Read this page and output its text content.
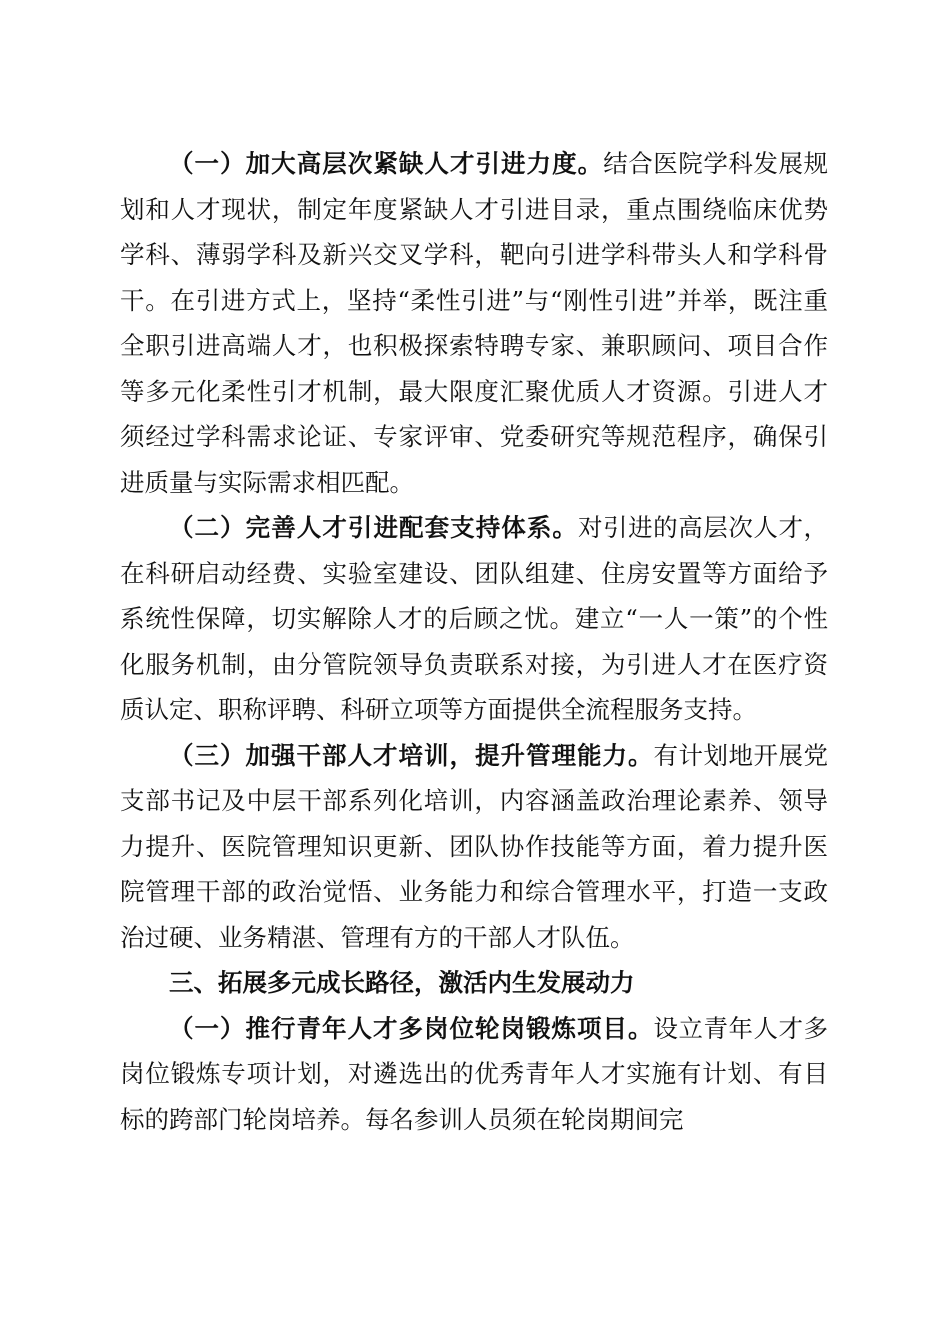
（一）加大高层次紧缺人才引进力度。结合医院学科发展规划和人才现状，制定年度紧缺人才引进目录，重点围绕临床优势学科、薄弱学科及新兴交叉学科，靶向引进学科带头人和学科骨干。在引进方式上，坚持“柔性引进”与“刚性引进”并举，既注重全职引进高端人才，也积极探索特聘专家、兼职顾问、项目合作等多元化柔性引才机制，最大限度汇聚优质人才资源。引进人才须经过学科需求论证、专家评审、党委研究等规范程序，确保引进质量与实际需求相匹配。

（二）完善人才引进配套支持体系。对引进的高层次人才，在科研启动经费、实验室建设、团队组建、住房安置等方面给予系统性保障，切实解除人才的后顾之忧。建立“一人一策”的个性化服务机制，由分管院领导负责联系对接，为引进人才在医疗资质认定、职称评聘、科研立项等方面提供全流程服务支持。

（三）加强干部人才培训，提升管理能力。有计划地开展党支部书记及中层干部系列化培训，内容涵盖政治理论素养、领导力提升、医院管理知识更新、团队协作技能等方面，着力提升医院管理干部的政治觉悟、业务能力和综合管理水平，打造一支政治过硬、业务精湛、管理有方的干部人才队伍。

三、拓展多元成长路径，激活内生发展动力

（一）推行青年人才多岗位轮岗锻炼项目。设立青年人才多岗位锻炼专项计划，对遴选出的优秀青年人才实施有计划、有目标的跨部门轮岗培养。每名参训人员须在轮岗期间完
